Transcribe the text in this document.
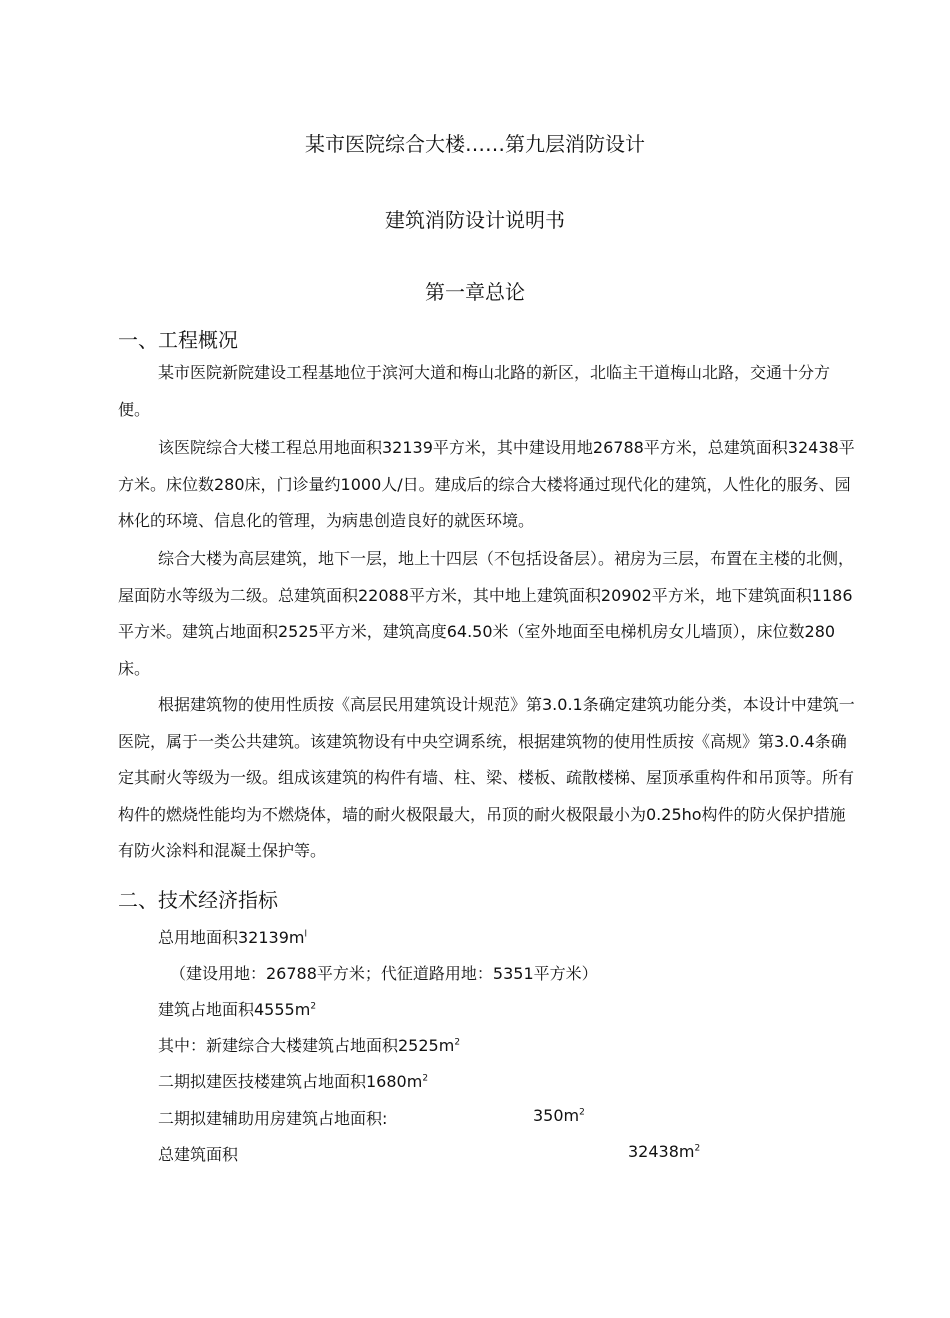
某市医院综合大楼……第九层消防设计
建筑消防设计说明书
第一章总论
一、工程概况
某市医院新院建设工程基地位于滨河大道和梅山北路的新区，北临主干道梅山北路，交通十分方便。
该医院综合大楼工程总用地面积32139平方米，其中建设用地26788平方米，总建筑面积32438平方米。床位数280床，门诊量约1000人/日。建成后的综合大楼将通过现代化的建筑，人性化的服务、园林化的环境、信息化的管理，为病患创造良好的就医环境。
综合大楼为高层建筑，地下一层，地上十四层（不包括设备层）。裙房为三层，布置在主楼的北侧，屋面防水等级为二级。总建筑面积22088平方米，其中地上建筑面积20902平方米，地下建筑面积1186平方米。建筑占地面积2525平方米，建筑高度64.50米（室外地面至电梯机房女儿墙顶），床位数280床。
根据建筑物的使用性质按《高层民用建筑设计规范》第3.0.1条确定建筑功能分类，本设计中建筑一医院，属于一类公共建筑。该建筑物设有中央空调系统，根据建筑物的使用性质按《高规》第3.0.4条确定其耐火等级为一级。组成该建筑的构件有墙、柱、梁、楼板、疏散楼梯、屋顶承重构件和吊顶等。所有构件的燃烧性能均为不燃烧体，墙的耐火极限最大，吊顶的耐火极限最小为0.25ho构件的防火保护措施有防火涂料和混凝土保护等。
二、技术经济指标
总用地面积$32139m^l$
（建设用地：26788平方米；代征道路用地：5351平方米）
建筑占地面积$4555m^2$
其中：新建综合大楼建筑占地面积$2525m^2$
二期拟建医技楼建筑占地面积$1680m^2$
二期拟建辅助用房建筑占地面积:	$350m^2$
总建筑面积	$32438m^2$
